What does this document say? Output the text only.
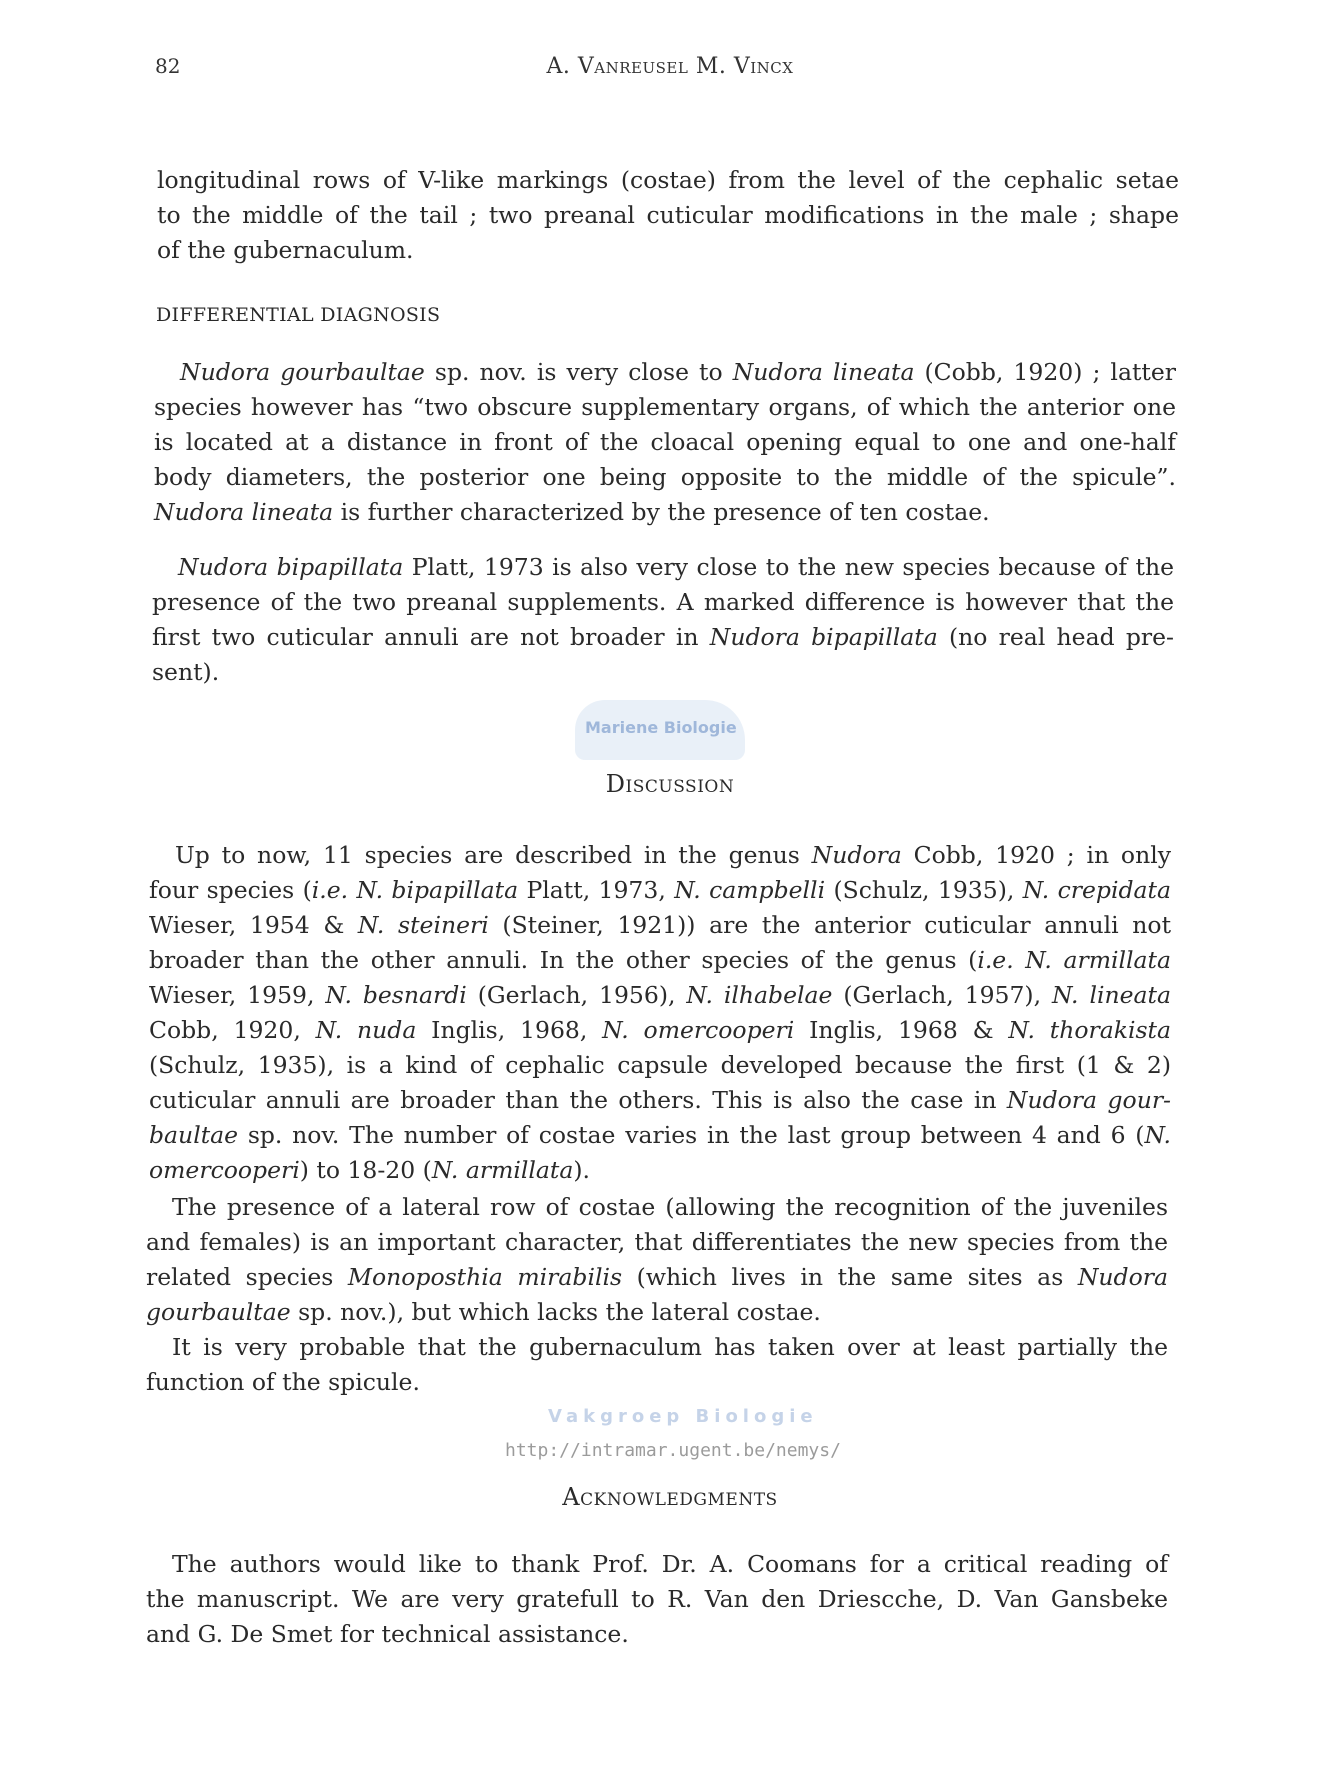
82	A. Vanreusel M. Vincx
Mariene Biologie
Vakgroep Biologie
http://intramar.ugent.be/nemys/
longitudinal rows of V-like markings (costae) from the level of the cephalic setae
to the middle of the tail ; two preanal cuticular modifications in the male ; shape
of the gubernaculum.
DIFFERENTIAL DIAGNOSIS
Nudora gourbaultae sp. nov. is very close to Nudora lineata (Cobb, 1920) ; latter
species however has “two obscure supplementary organs, of which the anterior one
is located at a distance in front of the cloacal opening equal to one and one-half
body diameters, the posterior one being opposite to the middle of the spicule”.
Nudora lineata is further characterized by the presence of ten costae.
Nudora bipapillata Platt, 1973 is also very close to the new species because of the
presence of the two preanal supplements. A marked difference is however that the
first two cuticular annuli are not broader in Nudora bipapillata (no real head pre-
sent).
Discussion
Up to now, 11 species are described in the genus Nudora Cobb, 1920 ; in only
four species (i.e. N. bipapillata Platt, 1973, N. campbelli (Schulz, 1935), N. crepidata
Wieser, 1954 & N. steineri (Steiner, 1921)) are the anterior cuticular annuli not
broader than the other annuli. In the other species of the genus (i.e. N. armillata
Wieser, 1959, N. besnardi (Gerlach, 1956), N. ilhabelae (Gerlach, 1957), N. lineata
Cobb, 1920, N. nuda Inglis, 1968, N. omercooperi Inglis, 1968 & N. thorakista
(Schulz, 1935), is a kind of cephalic capsule developed because the first (1 & 2)
cuticular annuli are broader than the others. This is also the case in Nudora gour-
baultae sp. nov. The number of costae varies in the last group between 4 and 6 (N.
omercooperi) to 18-20 (N. armillata).
The presence of a lateral row of costae (allowing the recognition of the juveniles
and females) is an important character, that differentiates the new species from the
related species Monoposthia mirabilis (which lives in the same sites as Nudora
gourbaultae sp. nov.), but which lacks the lateral costae.
It is very probable that the gubernaculum has taken over at least partially the
function of the spicule.
Acknowledgments
The authors would like to thank Prof. Dr. A. Coomans for a critical reading of
the manuscript. We are very gratefull to R. Van den Driescche, D. Van Gansbeke
and G. De Smet for technical assistance.
